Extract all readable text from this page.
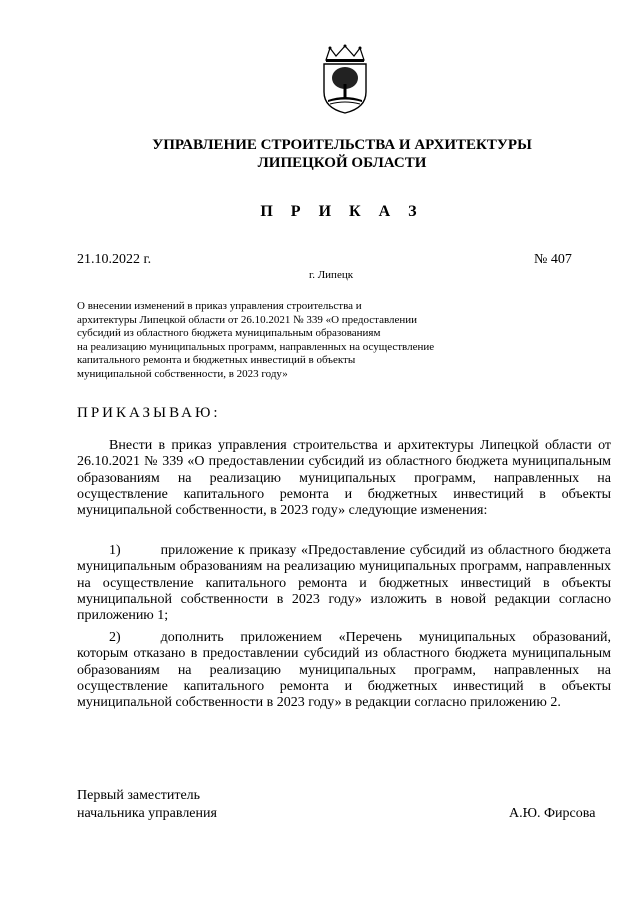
УПРАВЛЕНИЕ СТРОИТЕЛЬСТВА И АРХИТЕКТУРЫ
ЛИПЕЦКОЙ ОБЛАСТИ
П Р И К А З
21.10.2022 г.	№ 407
г. Липецк
О внесении изменений в приказ управления строительства и
архитектуры Липецкой области от 26.10.2021 № 339 «О предоставлении
субсидий из областного бюджета муниципальным образованиям
на реализацию муниципальных программ, направленных на осуществление
капитального ремонта и бюджетных инвестиций в объекты
муниципальной собственности, в 2023 году»
ПРИКАЗЫВАЮ:
Внести в приказ управления строительства и архитектуры Липецкой области от 26.10.2021 № 339 «О предоставлении субсидий из областного бюджета муниципальным образованиям на реализацию муниципальных программ, направленных на осуществление капитального ремонта и бюджетных инвестиций в объекты муниципальной собственности, в 2023 году» следующие изменения:
1)	приложение к приказу «Предоставление субсидий из областного бюджета муниципальным образованиям на реализацию муниципальных программ, направленных на осуществление капитального ремонта и бюджетных инвестиций в объекты муниципальной собственности в 2023 году» изложить в новой редакции согласно приложению 1;
2)	дополнить приложением «Перечень муниципальных образований, которым отказано в предоставлении субсидий из областного бюджета муниципальным образованиям на реализацию муниципальных программ, направленных на осуществление капитального ремонта и бюджетных инвестиций в объекты муниципальной собственности в 2023 году» в редакции согласно приложению 2.
Первый заместитель
начальника управления	А.Ю. Фирсова
